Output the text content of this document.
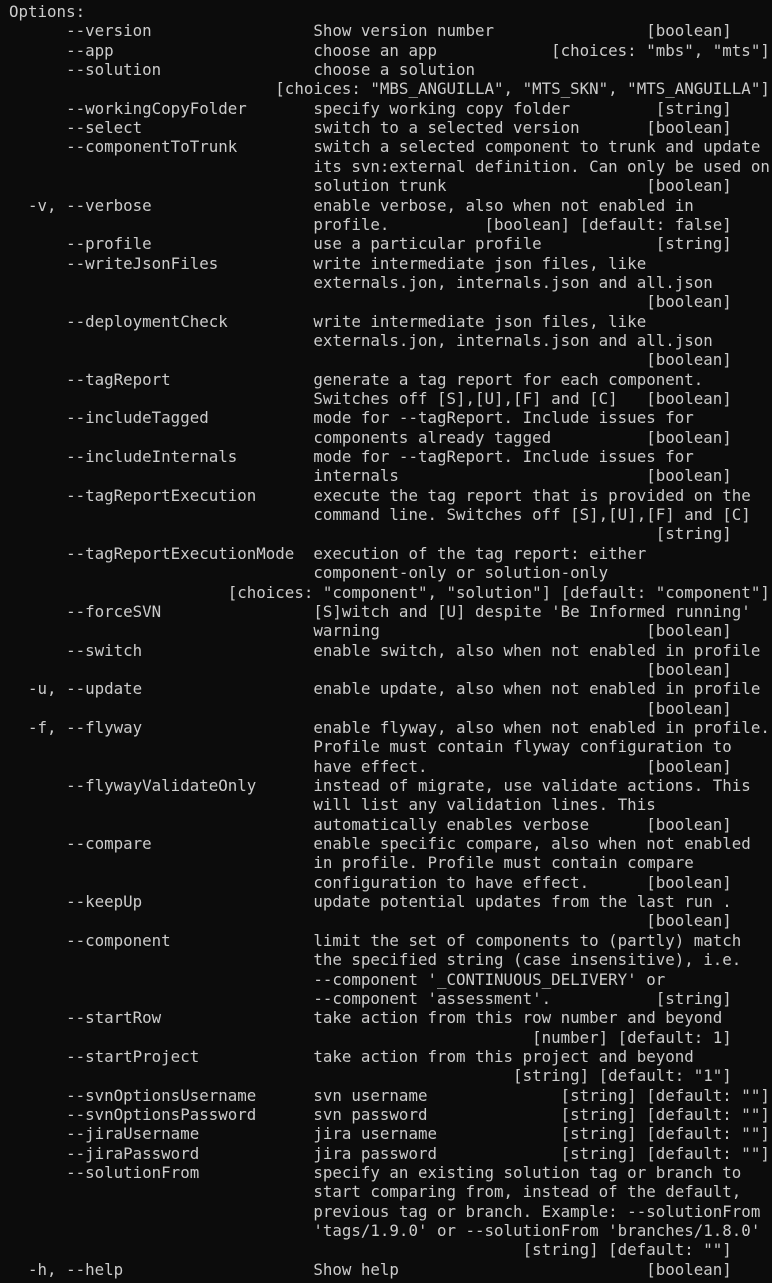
Options:
--version                 Show version number                [boolean]
--app                     choose an app            [choices: "mbs", "mts"]
--solution                choose a solution
[choices: "MBS_ANGUILLA", "MTS_SKN", "MTS_ANGUILLA"]
--workingCopyFolder       specify working copy folder         [string]
--select                  switch to a selected version       [boolean]
--componentToTrunk        switch a selected component to trunk and update
its svn:external definition. Can only be used on
solution trunk                     [boolean]
-v, --verbose                 enable verbose, also when not enabled in
profile.          [boolean] [default: false]
--profile                 use a particular profile            [string]
--writeJsonFiles          write intermediate json files, like
externals.jon, internals.json and all.json
[boolean]
--deploymentCheck         write intermediate json files, like
externals.jon, internals.json and all.json
[boolean]
--tagReport               generate a tag report for each component.
Switches off [S],[U],[F] and [C]   [boolean]
--includeTagged           mode for --tagReport. Include issues for
components already tagged          [boolean]
--includeInternals        mode for --tagReport. Include issues for
internals                          [boolean]
--tagReportExecution      execute the tag report that is provided on the
command line. Switches off [S],[U],[F] and [C]
[string]
--tagReportExecutionMode  execution of the tag report: either
component-only or solution-only
[choices: "component", "solution"] [default: "component"]
--forceSVN                [S]witch and [U] despite 'Be Informed running'
warning                            [boolean]
--switch                  enable switch, also when not enabled in profile
[boolean]
-u, --update                  enable update, also when not enabled in profile
[boolean]
-f, --flyway                  enable flyway, also when not enabled in profile.
Profile must contain flyway configuration to
have effect.                       [boolean]
--flywayValidateOnly      instead of migrate, use validate actions. This
will list any validation lines. This
automatically enables verbose      [boolean]
--compare                 enable specific compare, also when not enabled
in profile. Profile must contain compare
configuration to have effect.      [boolean]
--keepUp                  update potential updates from the last run .
[boolean]
--component               limit the set of components to (partly) match
the specified string (case insensitive), i.e.
--component '_CONTINUOUS_DELIVERY' or
--component 'assessment'.           [string]
--startRow                take action from this row number and beyond
[number] [default: 1]
--startProject            take action from this project and beyond
[string] [default: "1"]
--svnOptionsUsername      svn username              [string] [default: ""]
--svnOptionsPassword      svn password              [string] [default: ""]
--jiraUsername            jira username             [string] [default: ""]
--jiraPassword            jira password             [string] [default: ""]
--solutionFrom            specify an existing solution tag or branch to
start comparing from, instead of the default,
previous tag or branch. Example: --solutionFrom
'tags/1.9.0' or --solutionFrom 'branches/1.8.0'
[string] [default: ""]
-h, --help                    Show help                          [boolean]
